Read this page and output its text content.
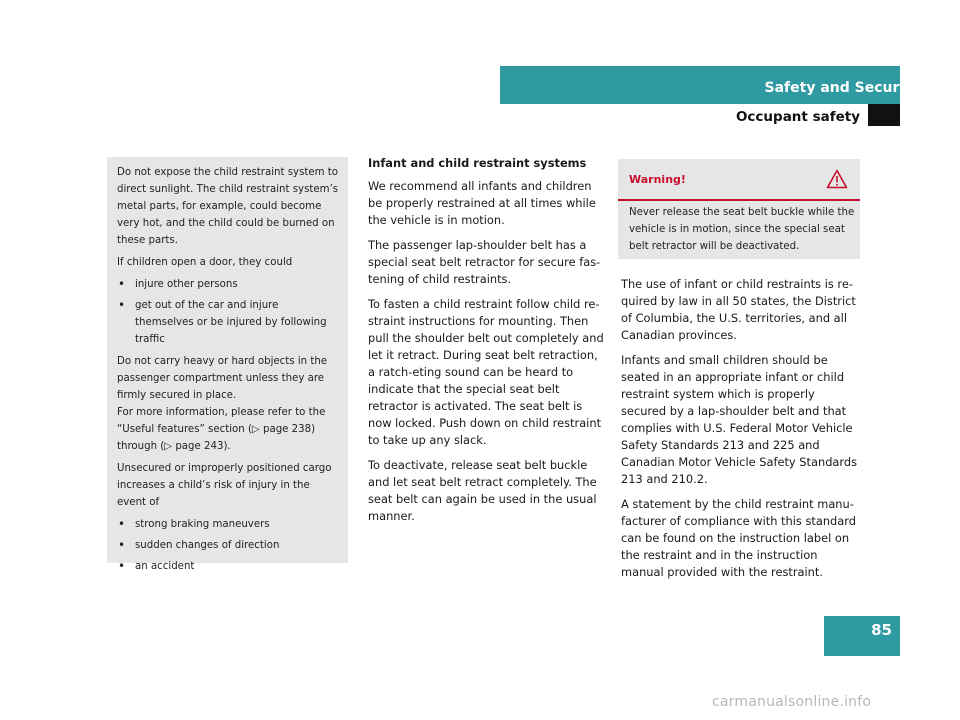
Safety and Security
Occupant safety

Do not expose the child restraint system to direct sunlight. The child restraint system’s metal parts, for example, could become very hot, and the child could be burned on these parts.

If children open a door, they could

• injure other persons
• get out of the car and injure themselves or be injured by following traffic

Do not carry heavy or hard objects in the passenger compartment unless they are firmly secured in place.
For more information, please refer to the “Useful features” section (▷ page 238) through (▷ page 243).

Unsecured or improperly positioned cargo increases a child’s risk of injury in the event of

• strong braking maneuvers
• sudden changes of direction
• an accident
Infant and child restraint systems

We recommend all infants and children be properly restrained at all times while the vehicle is in motion.

The passenger lap-shoulder belt has a special seat belt retractor for secure fas-tening of child restraints.

To fasten a child restraint follow child re-straint instructions for mounting. Then pull the shoulder belt out completely and let it retract. During seat belt retraction, a ratch-eting sound can be heard to indicate that the special seat belt retractor is activated. The seat belt is now locked. Push down on child restraint to take up any slack.

To deactivate, release seat belt buckle and let seat belt retract completely. The seat belt can again be used in the usual manner.

Warning!
Never release the seat belt buckle while the vehicle is in motion, since the special seat belt retractor will be deactivated.

The use of infant or child restraints is re-quired by law in all 50 states, the District of Columbia, the U.S. territories, and all Canadian provinces.

Infants and small children should be seated in an appropriate infant or child restraint system which is properly secured by a lap-shoulder belt and that complies with U.S. Federal Motor Vehicle Safety Standards 213 and 225 and Canadian Motor Vehicle Safety Standards 213 and 210.2.

A statement by the child restraint manu-facturer of compliance with this standard can be found on the instruction label on the restraint and in the instruction manual provided with the restraint.

85
carmanualsonline.info
